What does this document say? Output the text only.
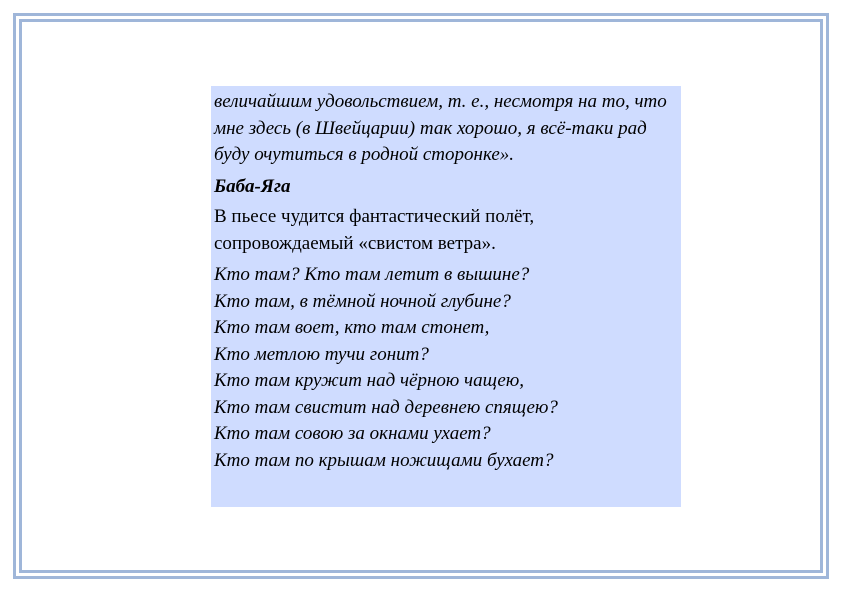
величайшим удовольствием, т. е., несмотря на то, что мне здесь (в Швейцарии) так хорошо, я всё-таки рад буду очутиться в родной сторонке».

Баба-Яга

В пьесе чудится фантастический полёт, сопровождаемый «свистом ветра».

Кто там? Кто там летит в вышине?
Кто там, в тёмной ночной глубине?
Кто там воет, кто там стонет,
Кто метлою тучи гонит?
Кто там кружит над чёрною чащею,
Кто там свистит над деревнею спящею?
Кто там совою за окнами ухает?
Кто там по крышам ножищами бухает?
